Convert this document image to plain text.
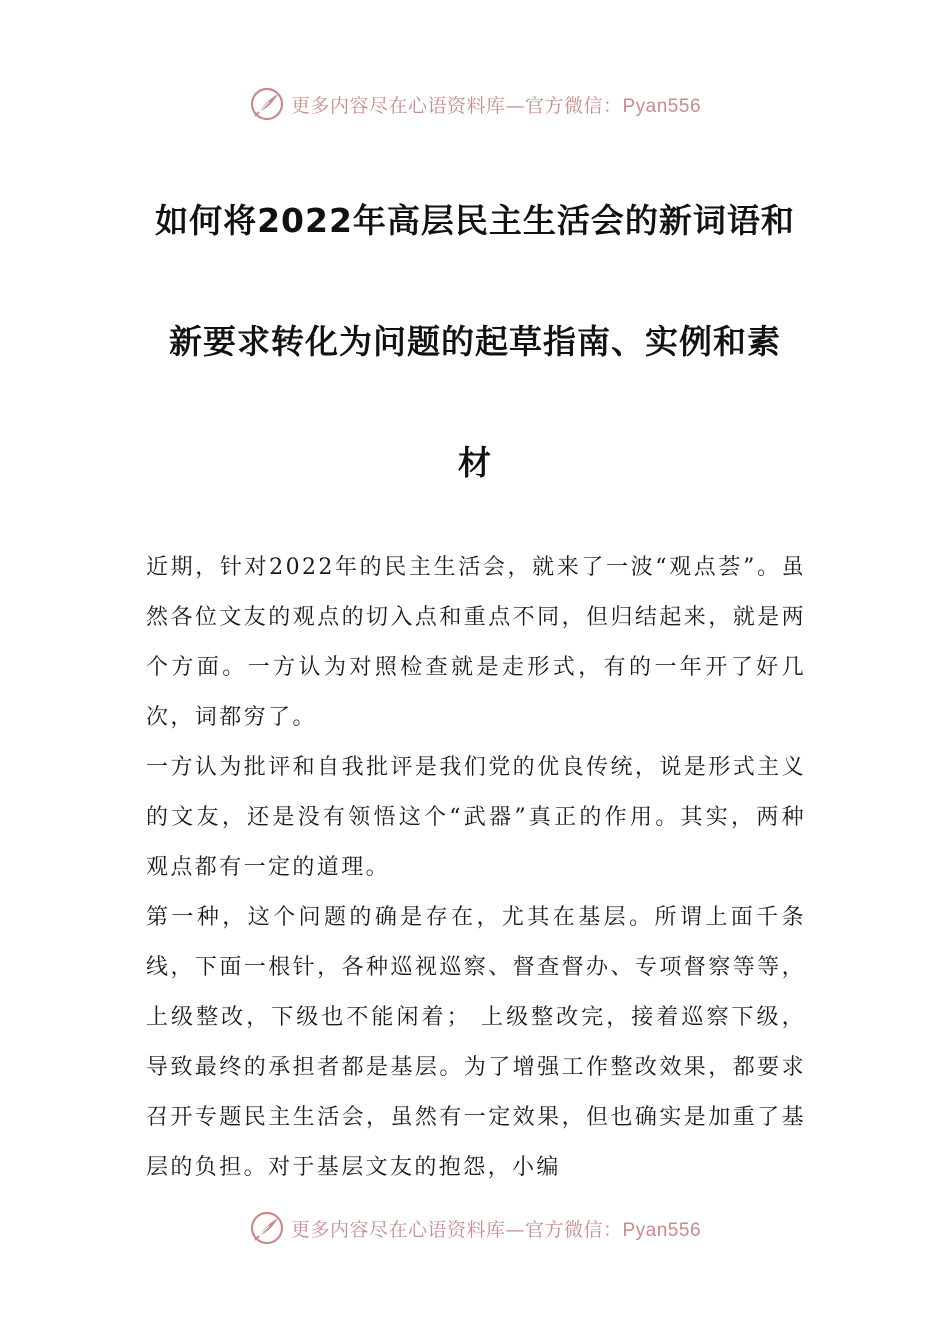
更多内容尽在心语资料库—官方微信：Pyan556
如何将2022年高层民主生活会的新词语和
新要求转化为问题的起草指南、实例和素
材

近期，针对2022年的民主生活会，就来了一波“观点荟”。虽然各位文友的观点的切入点和重点不同，但归结起来，就是两个方面。一方认为对照检查就是走形式，有的一年开了好几次，词都穷了。

一方认为批评和自我批评是我们党的优良传统，说是形式主义的文友，还是没有领悟这个“武器”真正的作用。其实，两种观点都有一定的道理。

第一种，这个问题的确是存在，尤其在基层。所谓上面千条线，下面一根针，各种巡视巡察、督查督办、专项督察等等，上级整改，下级也不能闲着； 上级整改完，接着巡察下级，导致最终的承担者都是基层。为了增强工作整改效果，都要求召开专题民主生活会，虽然有一定效果，但也确实是加重了基层的负担。对于基层文友的抱怨，小编

更多内容尽在心语资料库—官方微信：Pyan556
